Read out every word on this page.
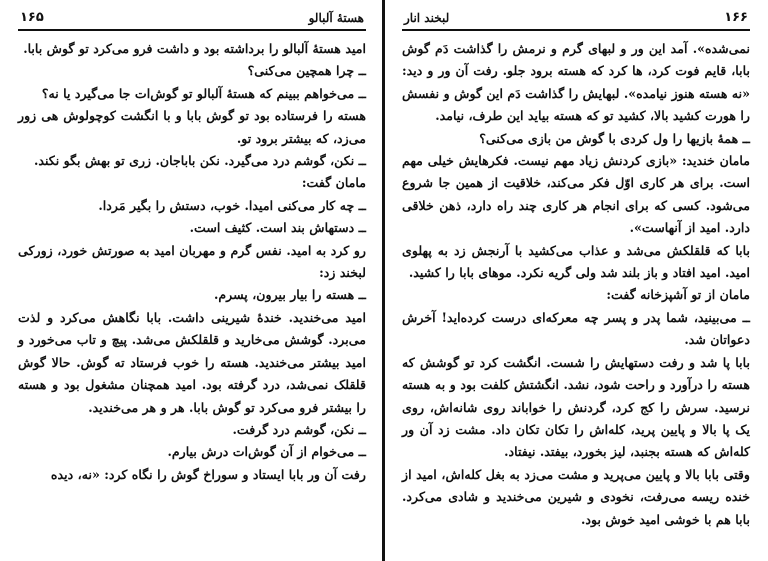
هستهٔ آلبالو
۱۶۵

امید هستهٔ آلبالو را برداشته بود و داشت فرو می‌کرد تو گوش بابا.

ــ چرا همچین می‌کنی؟

ــ می‌خواهم ببینم که هستهٔ آلبالو تو گوش‌ات جا می‌گیرد یا نه؟

هسته را فرستاده بود تو گوش بابا و با انگشت کوچولوش هی زور می‌زد، که بیشتر برود تو.

ــ نکن، گوشم درد می‌گیرد. نکن باباجان. زری تو بهش بگو نکند.

مامان گفت:

ــ چه کار می‌کنی امیدا. خوب، دستش را بگیر مَردا.

ــ دستهاش بند است. کثیف است.

رو کرد به امید. نفس گرم و مهربان امید به صورتش خورد، زورکی لبخند زد:

ــ هسته را بیار بیرون، پسرم.

امید می‌خندید. خندهٔ شیرینی داشت. بابا نگاهش می‌کرد و لذت می‌برد. گوشش می‌خارید و قلقلکش می‌شد. پیچ و تاب می‌خورد و امید بیشتر می‌خندید. هسته را خوب فرستاد ته گوش. حالا گوش قلقلک نمی‌شد، درد گرفته بود. امید همچنان مشغول بود و هسته را بیشتر فرو می‌کرد تو گوش بابا. هر و هر می‌خندید.

ــ نکن، گوشم درد گرفت.

ــ می‌خوام از آن گوش‌ات درش بیارم.

رفت آن ور بابا ایستاد و سوراخ گوش را نگاه کرد: «نه، دیده

۱۶۶
لبخند انار

نمی‌شده». آمد این ور و لبهای گرم و نرمش را گذاشت دَم گوش بابا، قایم فوت کرد، ها کرد که هسته برود جلو. رفت آن ور و دید: «نه هسته هنوز نیامده». لبهایش را گذاشت دَم این گوش و نفسش را هورت کشید بالا، کشید تو که هسته بیاید این طرف، نیامد.

ــ همهٔ بازیها را ول کردی با گوش من بازی می‌کنی؟

مامان خندید: «بازی کردنش زیاد مهم نیست. فکرهایش خیلی مهم است. برای هر کاری اوّل فکر می‌کند، خلاقیت از همین جا شروع می‌شود. کسی که برای انجام هر کاری چند راه دارد، ذهن خلاقی دارد. امید از آنهاست».

بابا که قلقلکش می‌شد و عذاب می‌کشید با آرنجش زد به پهلوی امید. امید افتاد و باز بلند شد ولی گریه نکرد. موهای بابا را کشید.

مامان از تو آشپزخانه گفت:

ــ می‌بینید، شما پدر و پسر چه معرکه‌ای درست کرده‌اید! آخرش دعواتان شد.

بابا پا شد و رفت دستهایش را شست. انگشت کرد تو گوشش که هسته را درآورد و راحت شود، نشد. انگشتش کلفت بود و به هسته نرسید. سرش را کج کرد، گردنش را خواباند روی شانه‌اش، روی یک پا بالا و پایین پرید، کله‌اش را تکان تکان داد. مشت زد آن ور کله‌اش که هسته بجنبد، لیز بخورد، بیفتد. نیفتاد.

وقتی بابا بالا و پایین می‌پرید و مشت می‌زد به بغل کله‌اش، امید از خنده ریسه می‌رفت، نخودی و شیرین می‌خندید و شادی می‌کرد. بابا هم با خوشی امید خوش بود.
